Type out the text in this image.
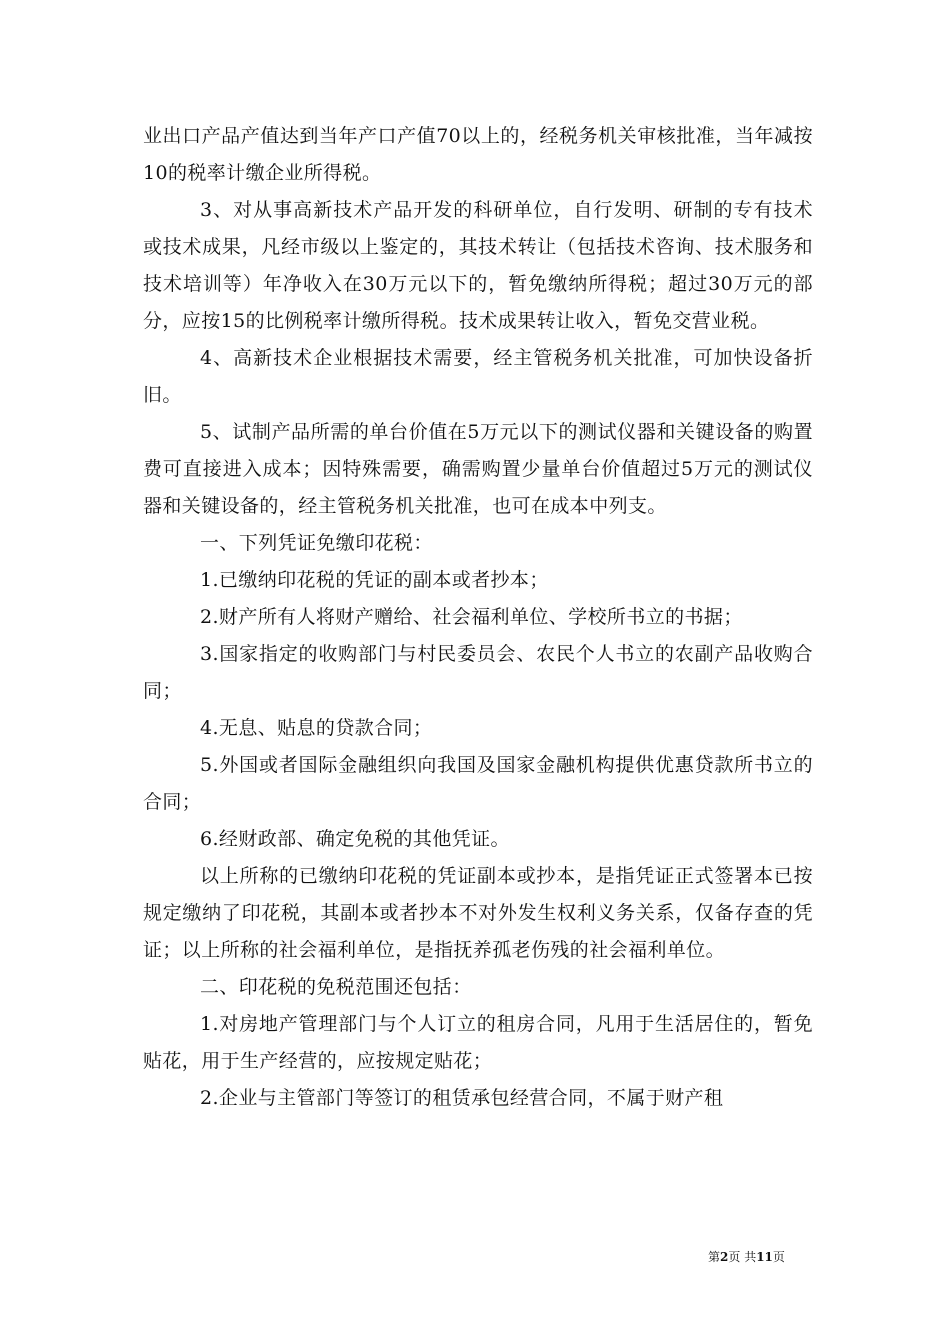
业出口产品产值达到当年产口产值70以上的，经税务机关审核批准，当年减按10的税率计缴企业所得税。

3、对从事高新技术产品开发的科研单位，自行发明、研制的专有技术或技术成果，凡经市级以上鉴定的，其技术转让（包括技术咨询、技术服务和技术培训等）年净收入在30万元以下的，暂免缴纳所得税；超过30万元的部分，应按15的比例税率计缴所得税。技术成果转让收入，暂免交营业税。

4、高新技术企业根据技术需要，经主管税务机关批准，可加快设备折旧。

5、试制产品所需的单台价值在5万元以下的测试仪器和关键设备的购置费可直接进入成本；因特殊需要，确需购置少量单台价值超过5万元的测试仪器和关键设备的，经主管税务机关批准，也可在成本中列支。

一、下列凭证免缴印花税：

1.已缴纳印花税的凭证的副本或者抄本；

2.财产所有人将财产赠给、社会福利单位、学校所书立的书据；

3.国家指定的收购部门与村民委员会、农民个人书立的农副产品收购合同；

4.无息、贴息的贷款合同；

5.外国或者国际金融组织向我国及国家金融机构提供优惠贷款所书立的合同；

6.经财政部、确定免税的其他凭证。

以上所称的已缴纳印花税的凭证副本或抄本，是指凭证正式签署本已按规定缴纳了印花税，其副本或者抄本不对外发生权利义务关系，仅备存查的凭证；以上所称的社会福利单位，是指抚养孤老伤残的社会福利单位。

二、印花税的免税范围还包括：

1.对房地产管理部门与个人订立的租房合同，凡用于生活居住的，暂免贴花，用于生产经营的，应按规定贴花；

2.企业与主管部门等签订的租赁承包经营合同，不属于财产租

第2页 共11页
